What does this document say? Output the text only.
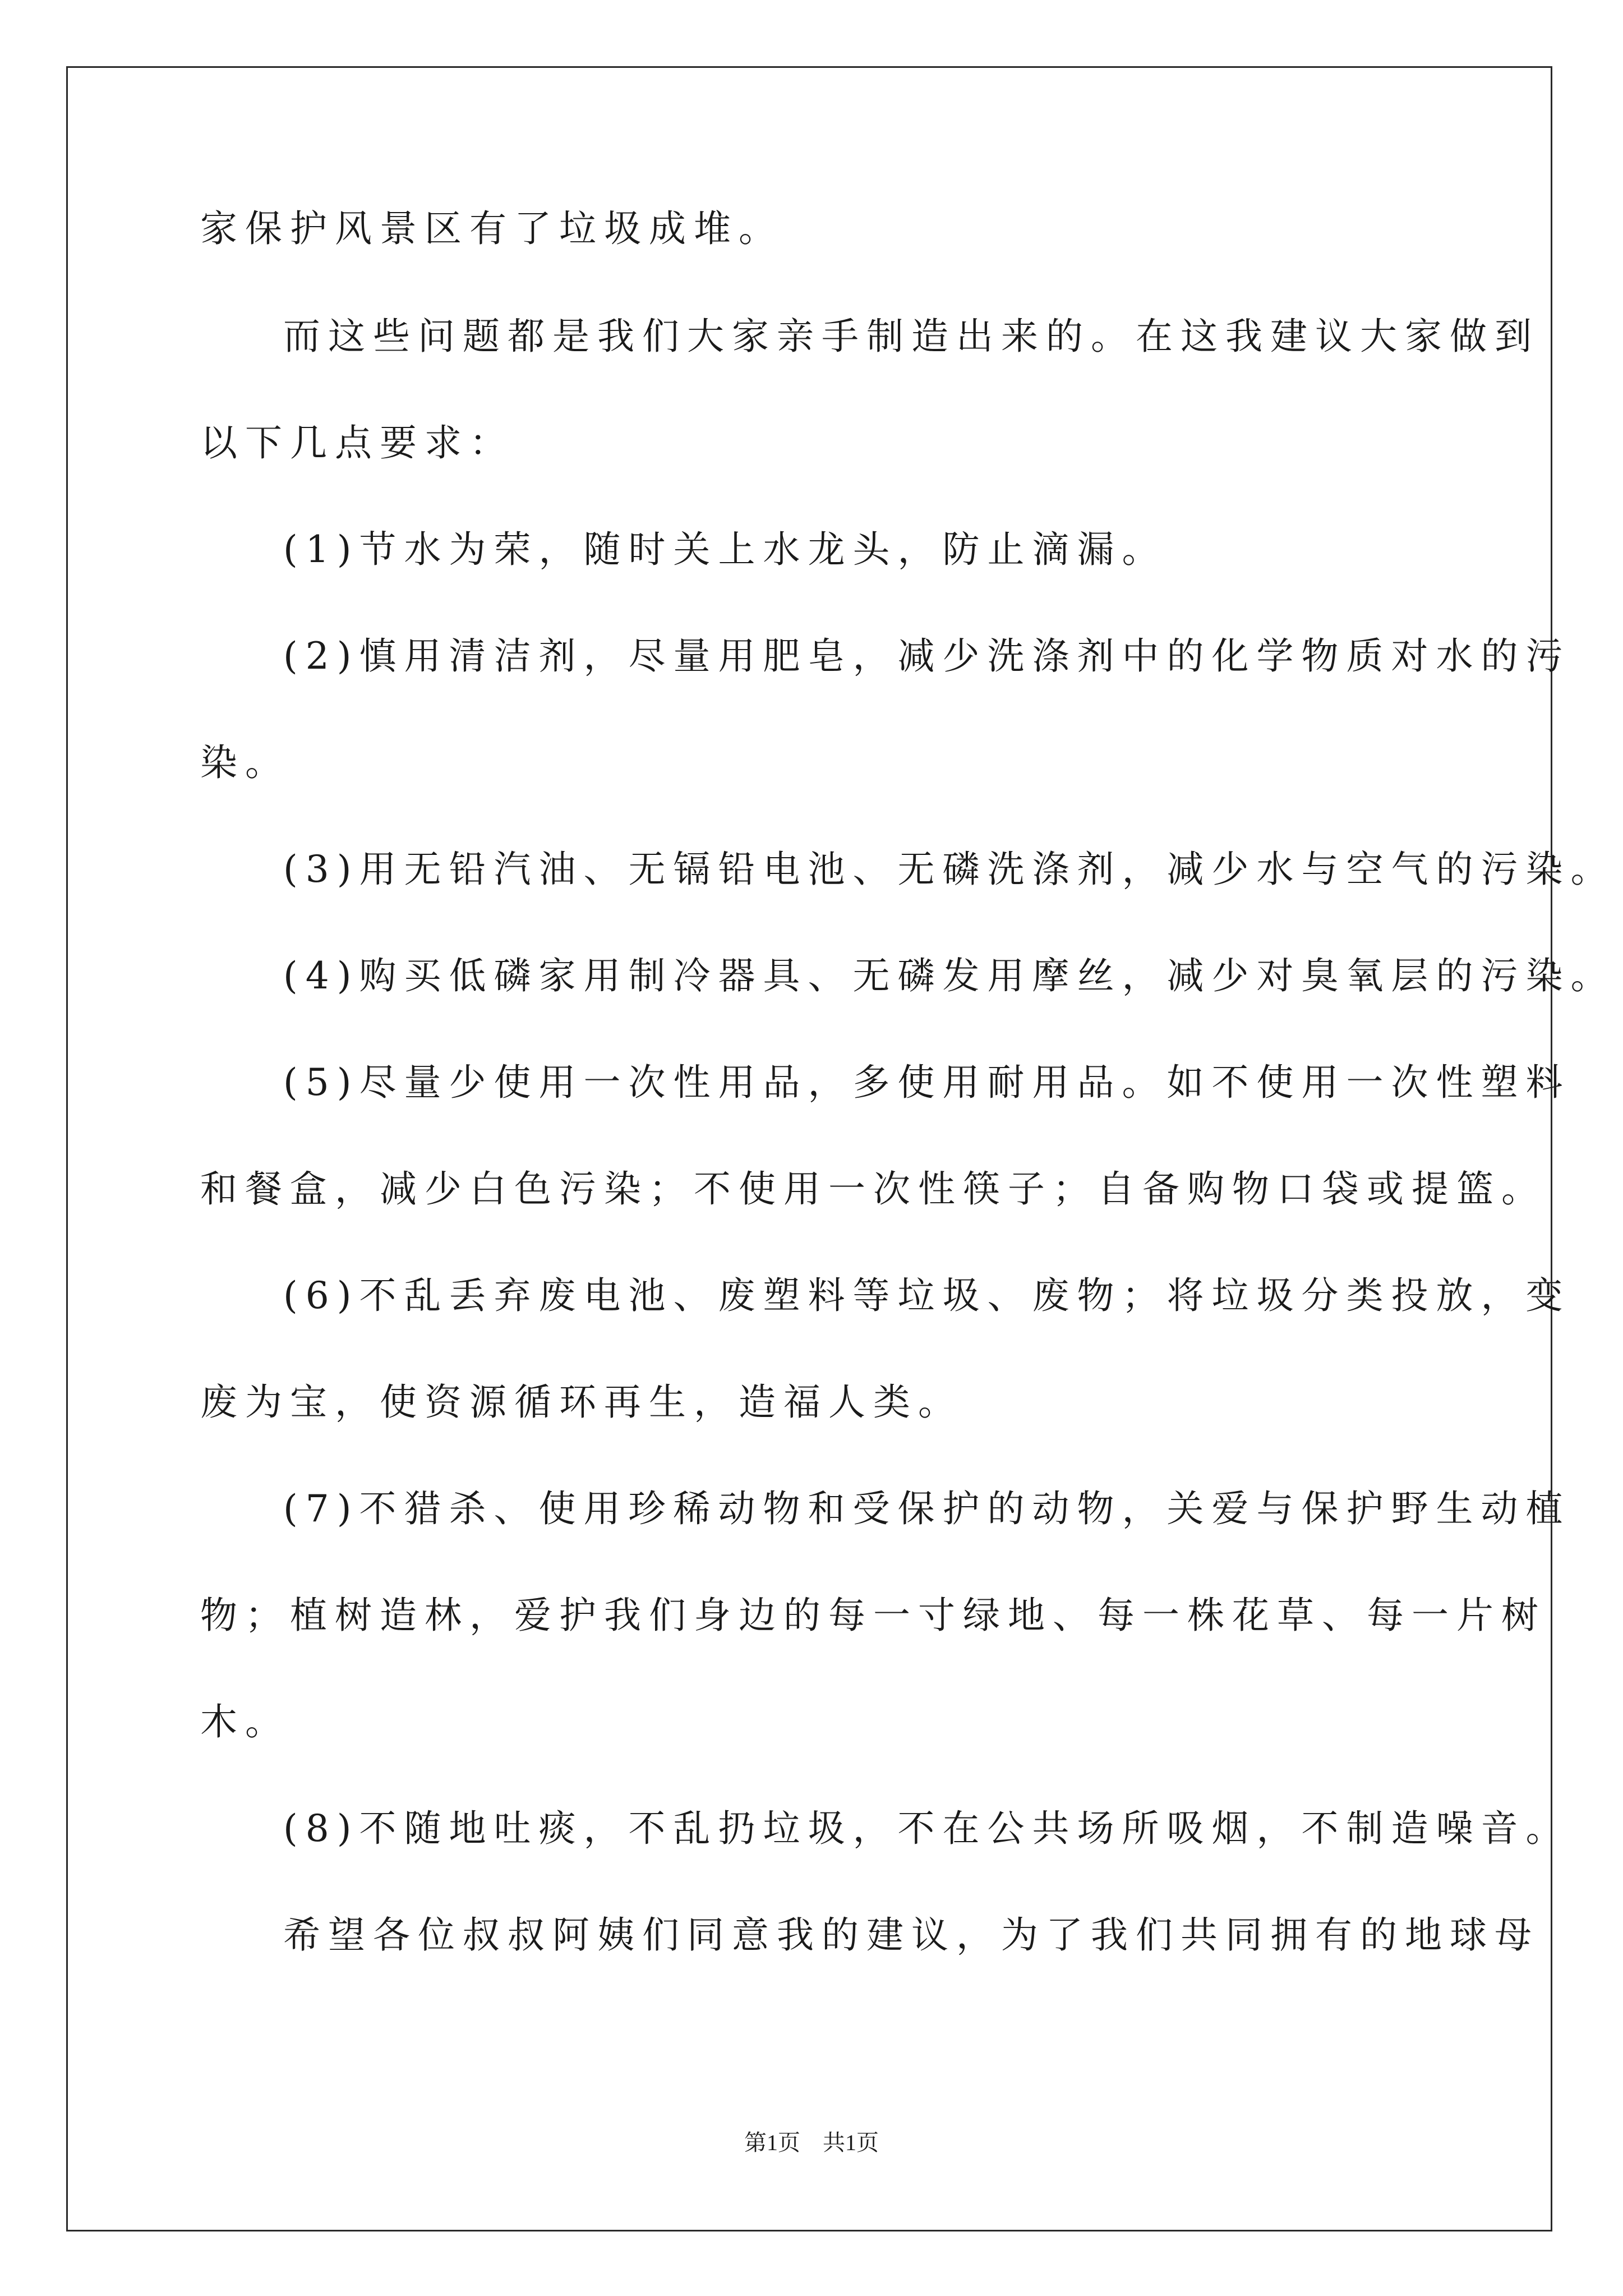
家保护风景区有了垃圾成堆。
而这些问题都是我们大家亲手制造出来的。在这我建议大家做到
以下几点要求：
(1)节水为荣，随时关上水龙头，防止滴漏。
(2)慎用清洁剂，尽量用肥皂，减少洗涤剂中的化学物质对水的污
染。
(3)用无铅汽油、无镉铅电池、无磷洗涤剂，减少水与空气的污染。
(4)购买低磷家用制冷器具、无磷发用摩丝，减少对臭氧层的污染。
(5)尽量少使用一次性用品，多使用耐用品。如不使用一次性塑料
和餐盒，减少白色污染；不使用一次性筷子；自备购物口袋或提篮。
(6)不乱丢弃废电池、废塑料等垃圾、废物；将垃圾分类投放，变
废为宝，使资源循环再生，造福人类。
(7)不猎杀、使用珍稀动物和受保护的动物，关爱与保护野生动植
物；植树造林，爱护我们身边的每一寸绿地、每一株花草、每一片树
木。
(8)不随地吐痰，不乱扔垃圾，不在公共场所吸烟，不制造噪音。
希望各位叔叔阿姨们同意我的建议，为了我们共同拥有的地球母
第1页　共1页
